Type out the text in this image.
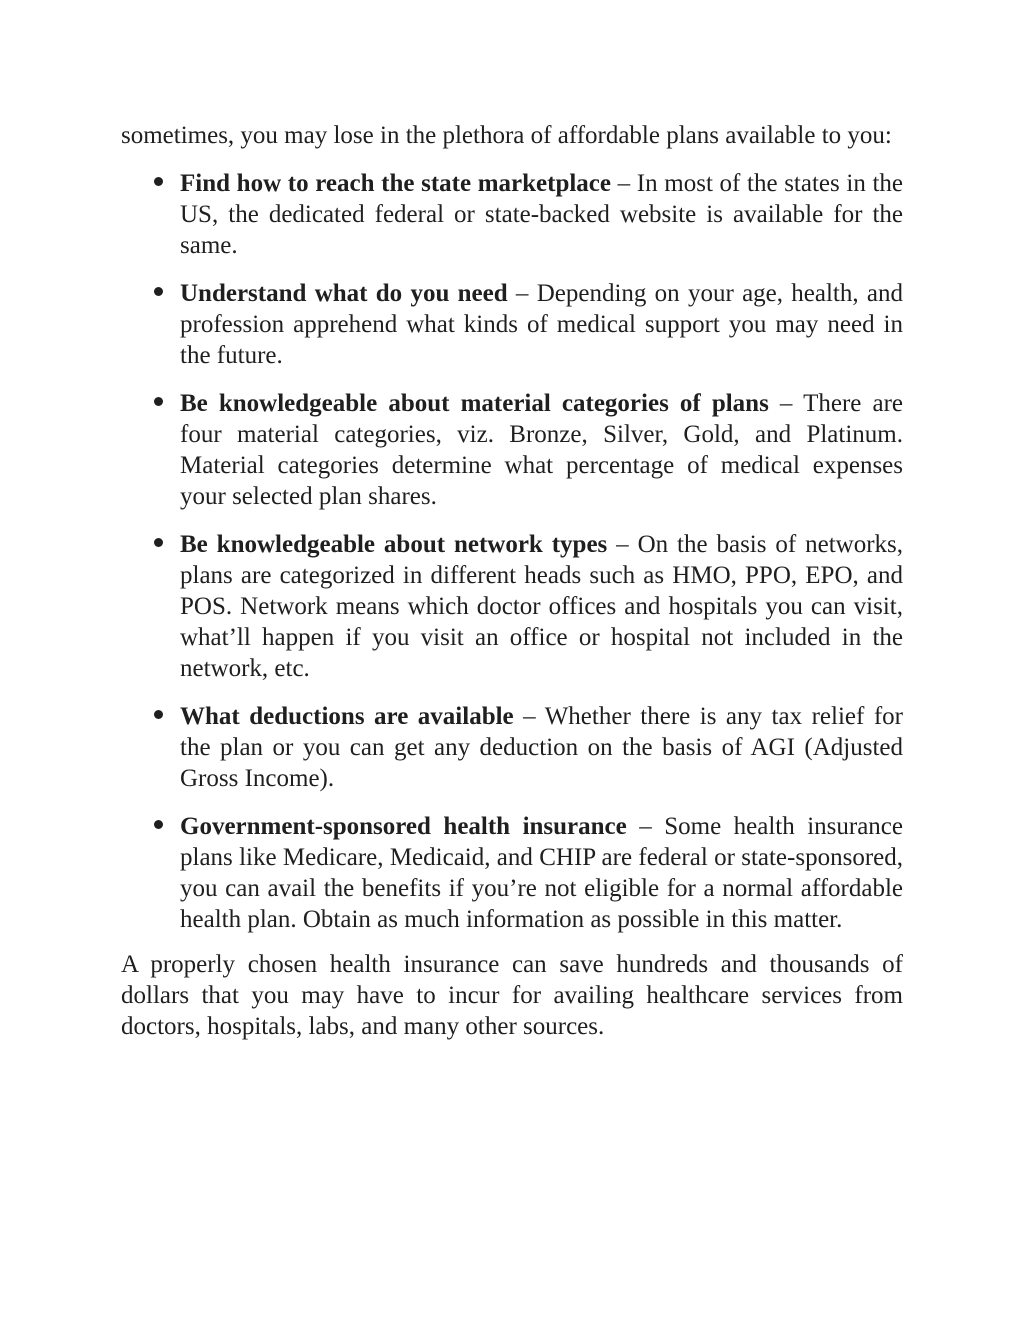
sometimes, you may lose in the plethora of affordable plans available to you:

Find how to reach the state marketplace – In most of the states in the US, the dedicated federal or state-backed website is available for the same.
Understand what do you need – Depending on your age, health, and profession apprehend what kinds of medical support you may need in the future.
Be knowledgeable about material categories of plans – There are four material categories, viz. Bronze, Silver, Gold, and Platinum. Material categories determine what percentage of medical expenses your selected plan shares.
Be knowledgeable about network types – On the basis of networks, plans are categorized in different heads such as HMO, PPO, EPO, and POS. Network means which doctor offices and hospitals you can visit, what’ll happen if you visit an office or hospital not included in the network, etc.
What deductions are available – Whether there is any tax relief for the plan or you can get any deduction on the basis of AGI (Adjusted Gross Income).
Government-sponsored health insurance – Some health insurance plans like Medicare, Medicaid, and CHIP are federal or state-sponsored, you can avail the benefits if you’re not eligible for a normal affordable health plan. Obtain as much information as possible in this matter.

A properly chosen health insurance can save hundreds and thousands of dollars that you may have to incur for availing healthcare services from doctors, hospitals, labs, and many other sources.
